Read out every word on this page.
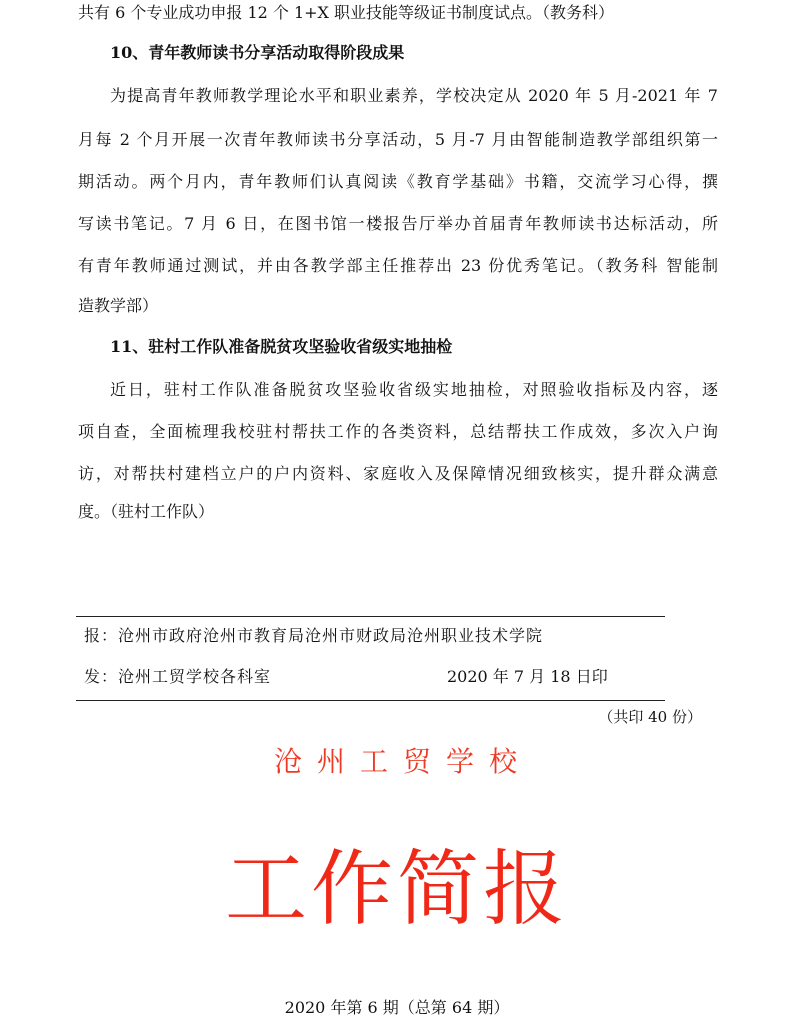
共有 6 个专业成功申报 12 个 1+X 职业技能等级证书制度试点。（教务科）
10、青年教师读书分享活动取得阶段成果
为提高青年教师教学理论水平和职业素养，学校决定从 2020 年 5 月-2021 年 7
月每 2 个月开展一次青年教师读书分享活动，5 月-7 月由智能制造教学部组织第一
期活动。两个月内，青年教师们认真阅读《教育学基础》书籍，交流学习心得，撰
写读书笔记。7 月 6 日，在图书馆一楼报告厅举办首届青年教师读书达标活动，所
有青年教师通过测试，并由各教学部主任推荐出 23 份优秀笔记。（教务科 智能制
造教学部）
11、驻村工作队准备脱贫攻坚验收省级实地抽检
近日，驻村工作队准备脱贫攻坚验收省级实地抽检，对照验收指标及内容，逐
项自查，全面梳理我校驻村帮扶工作的各类资料，总结帮扶工作成效，多次入户询
访，对帮扶村建档立户的户内资料、家庭收入及保障情况细致核实，提升群众满意
度。（驻村工作队）
报：沧州市政府沧州市教育局沧州市财政局沧州职业技术学院
发：沧州工贸学校各科室	2020 年 7 月 18 日印
（共印 40 份）
沧州工贸学校
工作简报
2020 年第 6 期（总第 64 期）
